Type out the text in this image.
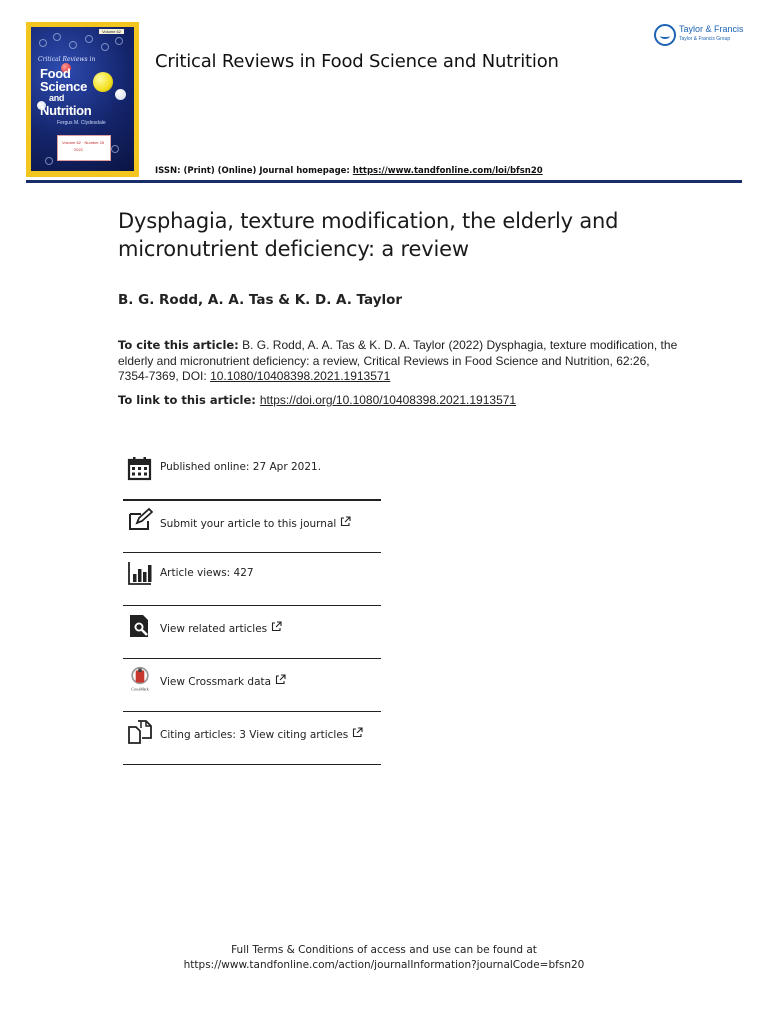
Volume 62
Critical Reviews in
Food
Science
and
Nutrition
Fergus M. Clydesdale
Volume 62 · Number 26
2022
Critical Reviews in Food Science and Nutrition
Taylor & Francis
Taylor & Francis Group
ISSN: (Print) (Online) Journal homepage: https://www.tandfonline.com/loi/bfsn20
Dysphagia, texture modification, the elderly and micronutrient deficiency: a review
B. G. Rodd, A. A. Tas & K. D. A. Taylor
To cite this article: B. G. Rodd, A. A. Tas & K. D. A. Taylor (2022) Dysphagia, texture modification, the elderly and micronutrient deficiency: a review, Critical Reviews in Food Science and Nutrition, 62:26, 7354-7369, DOI: 10.1080/10408398.2021.1913571
To link to this article: https://doi.org/10.1080/10408398.2021.1913571
Published online: 27 Apr 2021.
Submit your article to this journal
Article views: 427
View related articles
CrossMark
View Crossmark data
Citing articles: 3 View citing articles
Full Terms & Conditions of access and use can be found at
https://www.tandfonline.com/action/journalInformation?journalCode=bfsn20
